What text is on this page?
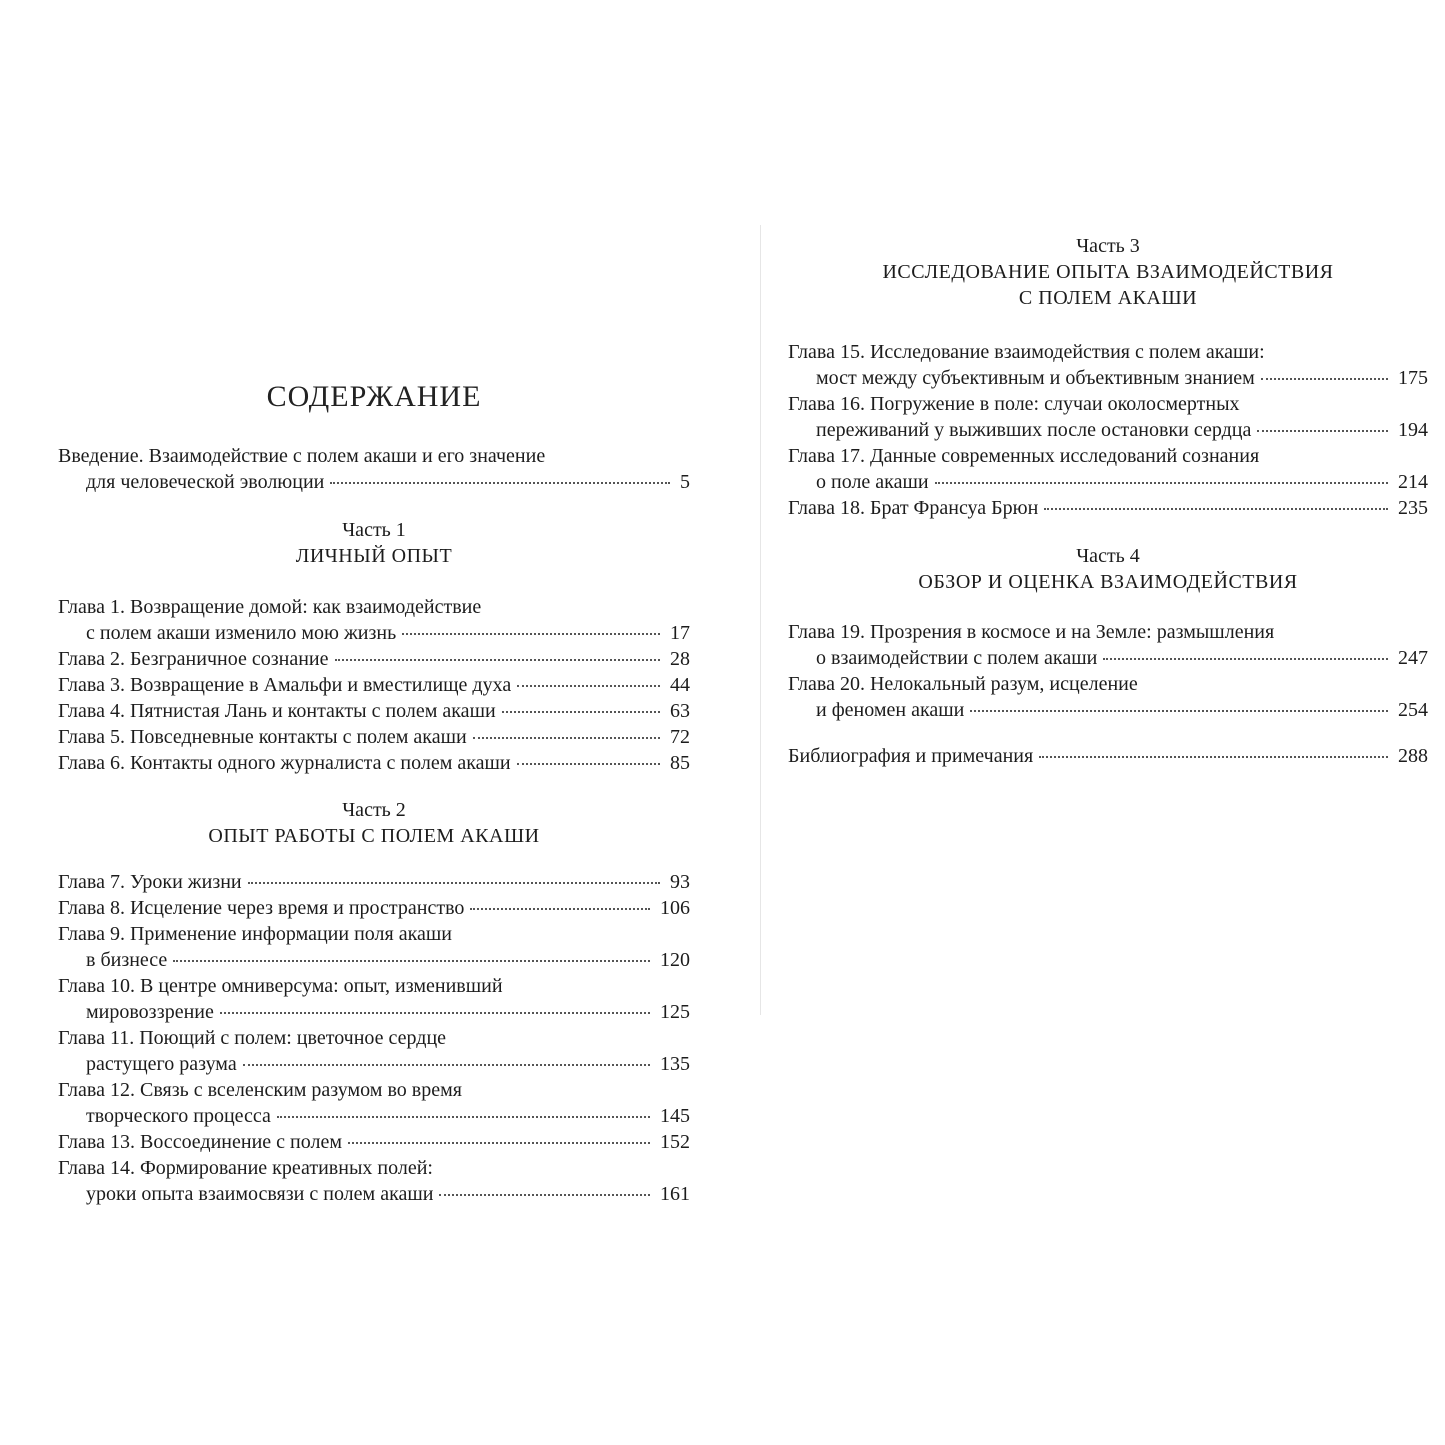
СОДЕРЖАНИЕ
Введение. Взаимодействие с полем акаши и его значение
для человеческой эволюции	5
Часть 1
ЛИЧНЫЙ ОПЫТ
Глава 1. Возвращение домой: как взаимодействие
с полем акаши изменило мою жизнь	17
Глава 2. Безграничное сознание	28
Глава 3. Возвращение в Амальфи и вместилище духа	44
Глава 4. Пятнистая Лань и контакты с полем акаши	63
Глава 5. Повседневные контакты с полем акаши	72
Глава 6. Контакты одного журналиста с полем акаши	85
Часть 2
ОПЫТ РАБОТЫ С ПОЛЕМ АКАШИ
Глава 7. Уроки жизни	93
Глава 8. Исцеление через время и пространство	106
Глава 9. Применение информации поля акаши
в бизнесе	120
Глава 10. В центре омниверсума: опыт, изменивший
мировоззрение	125
Глава 11. Поющий с полем: цветочное сердце
растущего разума	135
Глава 12. Связь с вселенским разумом во время
творческого процесса	145
Глава 13. Воссоединение с полем	152
Глава 14. Формирование креативных полей:
уроки опыта взаимосвязи с полем акаши	161
Часть 3
ИССЛЕДОВАНИЕ ОПЫТА ВЗАИМОДЕЙСТВИЯ
С ПОЛЕМ АКАШИ
Глава 15. Исследование взаимодействия с полем акаши:
мост между субъективным и объективным знанием	175
Глава 16. Погружение в поле: случаи околосмертных
переживаний у выживших после остановки сердца	194
Глава 17. Данные современных исследований сознания
о поле акаши	214
Глава 18. Брат Франсуа Брюн	235
Часть 4
ОБЗОР И ОЦЕНКА ВЗАИМОДЕЙСТВИЯ
Глава 19. Прозрения в космосе и на Земле: размышления
о взаимодействии с полем акаши	247
Глава 20. Нелокальный разум, исцеление
и феномен акаши	254
Библиография и примечания	288
